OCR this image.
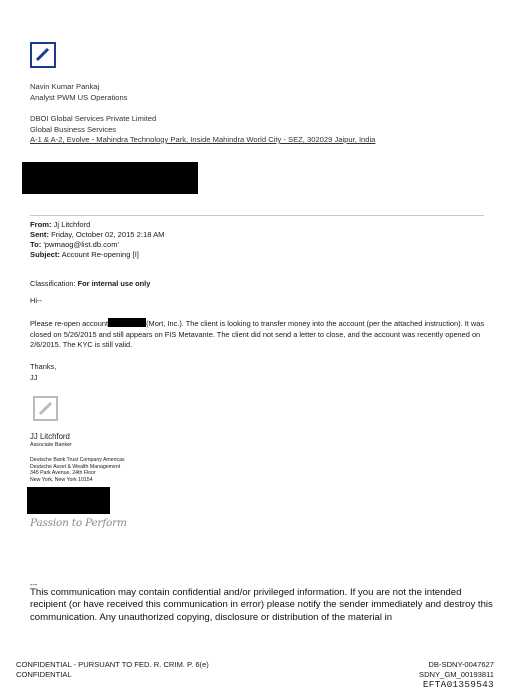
Navin Kumar Pankaj
Analyst PWM US Operations
DBOI Global Services Private Limited
Global Business Services
A-1 & A-2, Evolve - Mahindra Technology Park, Inside Mahindra World City - SEZ, 302029 Jaipur, India
From: Jj Litchford
Sent: Friday, October 02, 2015 2:18 AM
To: 'pwmaog@list.db.com'
Subject: Account Re-opening [I]
Classification: For internal use only
Hi--
Please re-open account	(Mort, Inc.). The client is looking to transfer money into the account (per the attached instruction). It was closed on 5/26/2015 and still appears on FIS Metavante. The client did not send a letter to close, and the account was recently opened on 2/6/2015. The KYC is still valid.
Thanks,
JJ
JJ Litchford
Associate Banker
Deutsche Bank Trust Company Americas
Deutsche Asset & Wealth Management
345 Park Avenue, 24th Floor
New York, New York 10154
Passion to Perform
---
This communication may contain confidential and/or privileged information. If you are not the intended recipient (or have received this communication in error) please notify the sender immediately and destroy this communication. Any unauthorized copying, disclosure or distribution of the material in
CONFIDENTIAL - PURSUANT TO FED. R. CRIM. P. 6(e)
CONFIDENTIAL
DB-SDNY-0047627
SDNY_GM_00193811
EFTA01359543
